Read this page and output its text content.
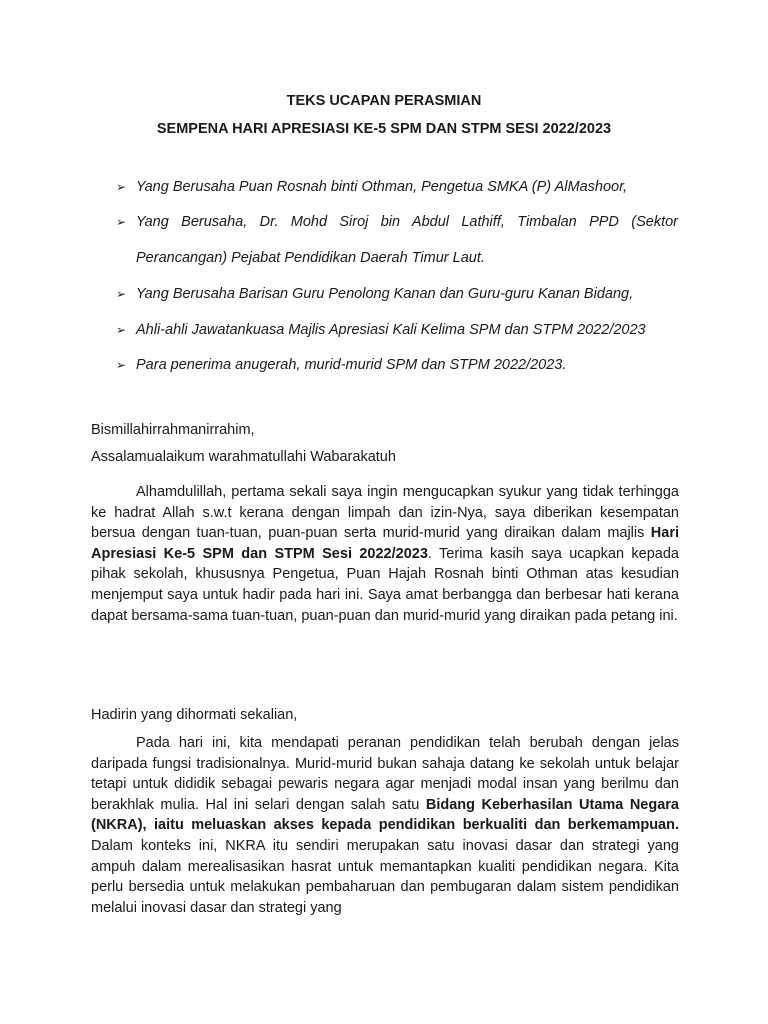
TEKS UCAPAN PERASMIAN
SEMPENA HARI APRESIASI KE-5 SPM DAN STPM SESI 2022/2023
➢ Yang Berusaha Puan Rosnah binti Othman, Pengetua SMKA (P) AlMashoor,
➢ Yang Berusaha, Dr. Mohd Siroj bin Abdul Lathiff, Timbalan PPD (Sektor Perancangan) Pejabat Pendidikan Daerah Timur Laut.
➢ Yang Berusaha Barisan Guru Penolong Kanan dan Guru-guru Kanan Bidang,
➢ Ahli-ahli Jawatankuasa Majlis Apresiasi Kali Kelima SPM dan STPM 2022/2023
➢ Para penerima anugerah, murid-murid SPM dan STPM 2022/2023.

Bismillahirrahmanirrahim,

Assalamualaikum warahmatullahi Wabarakatuh

Alhamdulillah, pertama sekali saya ingin mengucapkan syukur yang tidak terhingga ke hadrat Allah s.w.t kerana dengan limpah dan izin-Nya, saya diberikan kesempatan bersua dengan tuan-tuan, puan-puan serta murid-murid yang diraikan dalam majlis Hari Apresiasi Ke-5 SPM dan STPM Sesi 2022/2023. Terima kasih saya ucapkan kepada pihak sekolah, khususnya Pengetua, Puan Hajah Rosnah binti Othman atas kesudian menjemput saya untuk hadir pada hari ini. Saya amat berbangga dan berbesar hati kerana dapat bersama-sama tuan-tuan, puan-puan dan murid-murid yang diraikan pada petang ini.

Hadirin yang dihormati sekalian,

Pada hari ini, kita mendapati peranan pendidikan telah berubah dengan jelas daripada fungsi tradisionalnya. Murid-murid bukan sahaja datang ke sekolah untuk belajar tetapi untuk dididik sebagai pewaris negara agar menjadi modal insan yang berilmu dan berakhlak mulia. Hal ini selari dengan salah satu Bidang Keberhasilan Utama Negara (NKRA), iaitu meluaskan akses kepada pendidikan berkualiti dan berkemampuan. Dalam konteks ini, NKRA itu sendiri merupakan satu inovasi dasar dan strategi yang ampuh dalam merealisasikan hasrat untuk memantapkan kualiti pendidikan negara. Kita perlu bersedia untuk melakukan pembaharuan dan pembugaran dalam sistem pendidikan melalui inovasi dasar dan strategi yang
